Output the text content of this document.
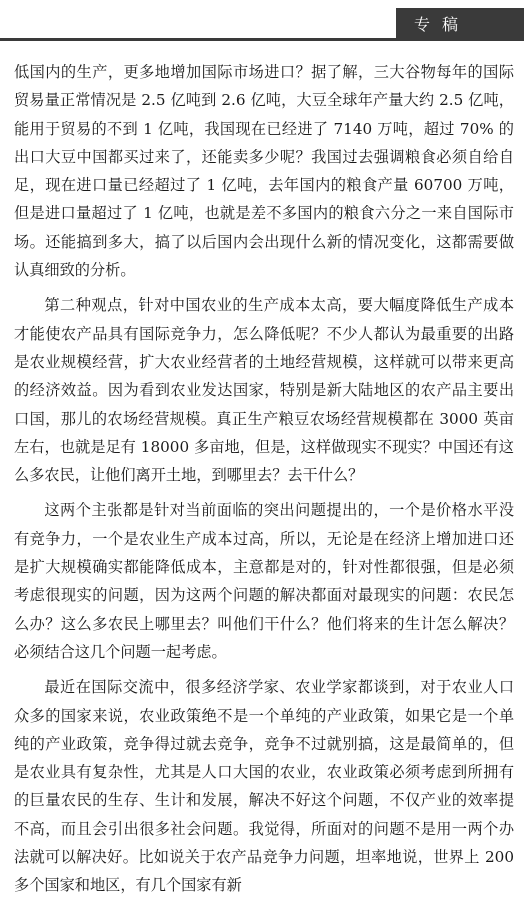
专稿

低国内的生产，更多地增加国际市场进口？据了解，三大谷物每年的国际贸易量正常情况是 2.5 亿吨到 2.6 亿吨，大豆全球年产量大约 2.5 亿吨，能用于贸易的不到 1 亿吨，我国现在已经进了 7140 万吨，超过 70% 的出口大豆中国都买过来了，还能卖多少呢？我国过去强调粮食必须自给自足，现在进口量已经超过了 1 亿吨，去年国内的粮食产量 60700 万吨，但是进口量超过了 1 亿吨，也就是差不多国内的粮食六分之一来自国际市场。还能搞到多大，搞了以后国内会出现什么新的情况变化，这都需要做认真细致的分析。

第二种观点，针对中国农业的生产成本太高，要大幅度降低生产成本才能使农产品具有国际竞争力，怎么降低呢？不少人都认为最重要的出路是农业规模经营，扩大农业经营者的土地经营规模，这样就可以带来更高的经济效益。因为看到农业发达国家，特别是新大陆地区的农产品主要出口国，那儿的农场经营规模。真正生产粮豆农场经营规模都在 3000 英亩左右，也就是足有 18000 多亩地，但是，这样做现实不现实？中国还有这么多农民，让他们离开土地，到哪里去？去干什么？

这两个主张都是针对当前面临的突出问题提出的，一个是价格水平没有竞争力，一个是农业生产成本过高，所以，无论是在经济上增加进口还是扩大规模确实都能降低成本，主意都是对的，针对性都很强，但是必须考虑很现实的问题，因为这两个问题的解决都面对最现实的问题：农民怎么办？这么多农民上哪里去？叫他们干什么？他们将来的生计怎么解决？必须结合这几个问题一起考虑。

最近在国际交流中，很多经济学家、农业学家都谈到，对于农业人口众多的国家来说，农业政策绝不是一个单纯的产业政策，如果它是一个单纯的产业政策，竞争得过就去竞争，竞争不过就别搞，这是最简单的，但是农业具有复杂性，尤其是人口大国的农业，农业政策必须考虑到所拥有的巨量农民的生存、生计和发展，解决不好这个问题，不仅产业的效率提不高，而且会引出很多社会问题。我觉得，所面对的问题不是用一两个办法就可以解决好。比如说关于农产品竞争力问题，坦率地说，世界上 200 多个国家和地区，有几个国家有新
